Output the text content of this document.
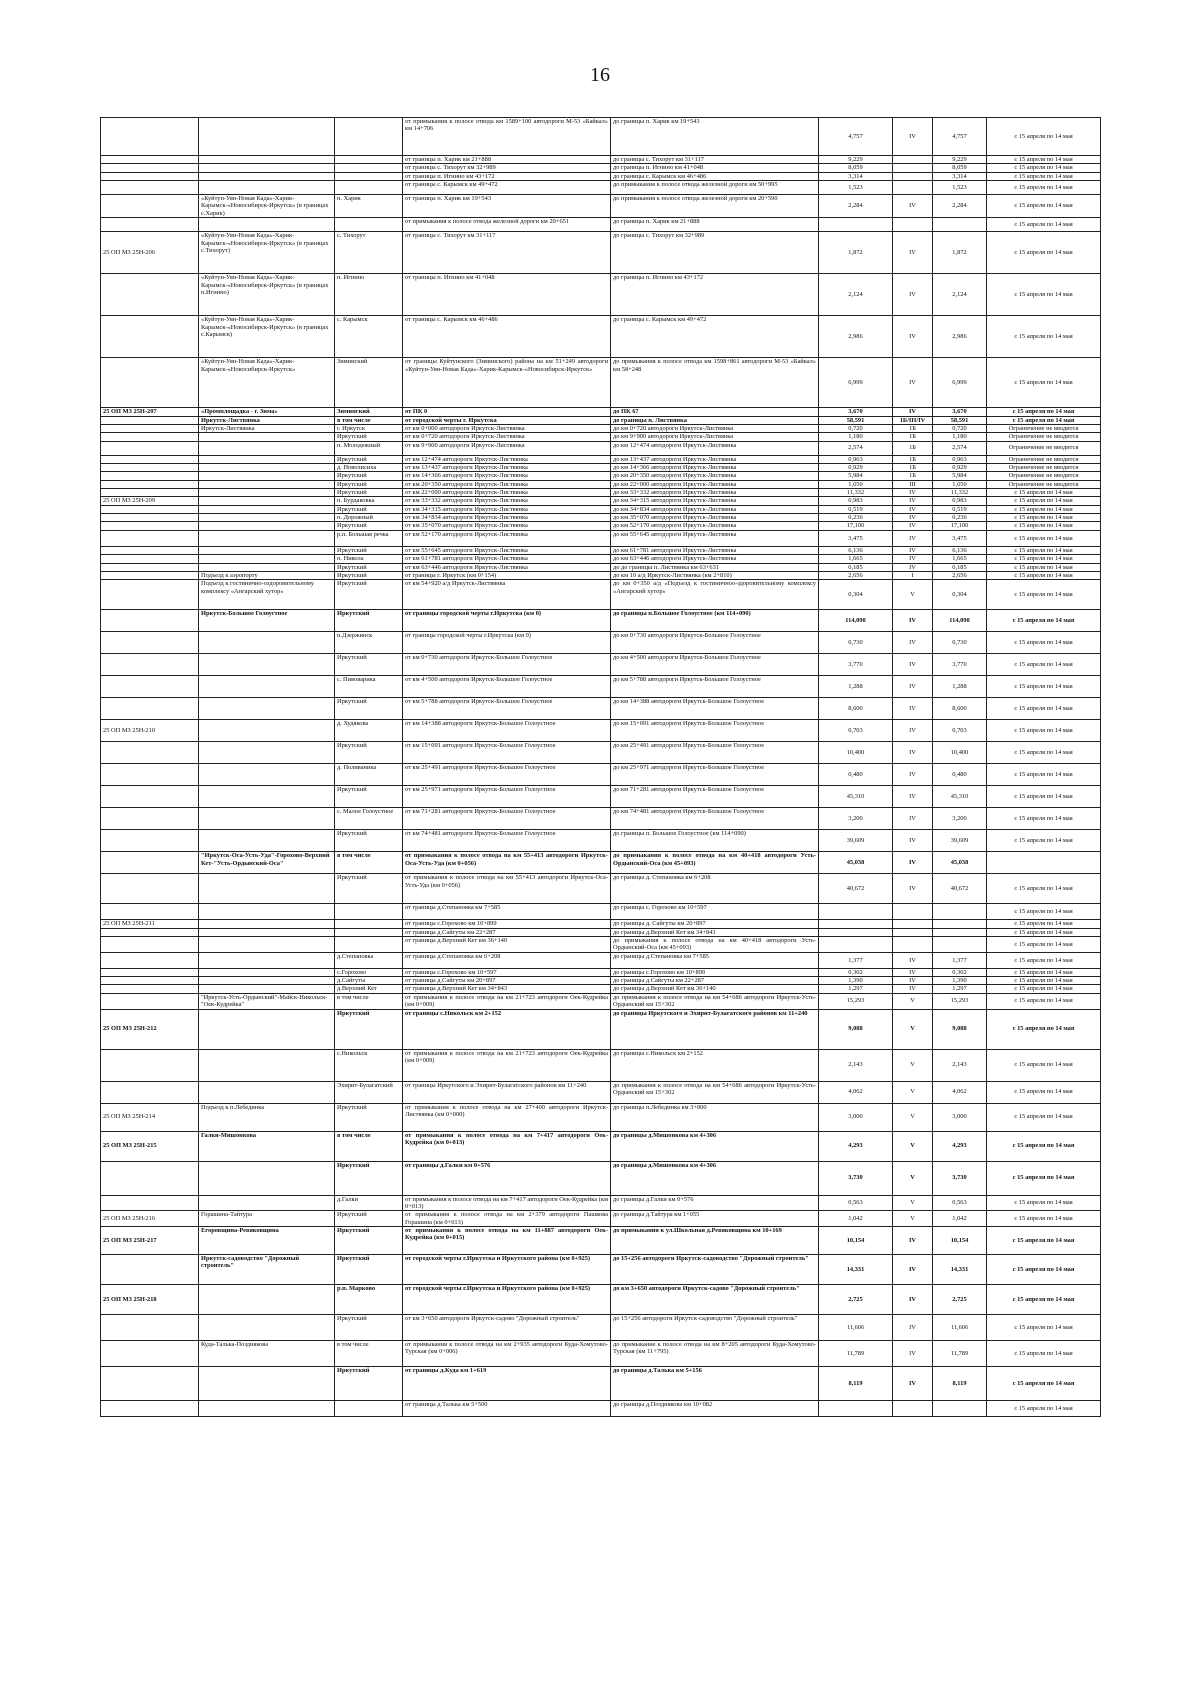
16
			от примыкания к полосе отвода км 1589+100 автодороги М-53 «Байкал» км 14+706	до границы п. Харик км 19+543	4,757	IV	4,757	с 15 апреля по 14 мая
			от границы п. Харик км 21+888	до границы с. Тихорут км 31+117	9,229		9,229	с 15 апреля по 14 мая
			от границы с. Тихорут км 32+989	до границы п. Игнино км 41+048	8,059		8,059	с 15 апреля по 14 мая
			от границы п. Игнино км 43+172	до границы с. Карымск км 46+486	3,314		3,314	с 15 апреля по 14 мая
			от границы с. Карымск км 49+472	до примыкания к полосе отвода железной дороги км 50+995	1,523		1,523	с 15 апреля по 14 мая
	«Куйтун-Уян-Новая Када»-Харик-Карымск-«Новосибирск-Иркутск» (в границах с.Харик)	п. Харик	от границы п. Харик км 19+543	до примыкания к полосе отвода железной дороги км 20+590	2,284	IV	2,284	с 15 апреля по 14 мая
			от примыкания к полосе отвода железной дороги км 20+651	до границы п. Харик км 21+888				с 15 апреля по 14 мая
25 ОП МЗ 25Н-206	«Куйтун-Уян-Новая Када»-Харик-Карымск-«Новосибирск-Иркутск» (в границах с.Тихорут)	с. Тихорут	от границы с. Тихорут км 31+117	до границы с. Тихорут км 32+989	1,872	IV	1,872	с 15 апреля по 14 мая
	«Куйтун-Уян-Новая Када»-Харик-Карымск-«Новосибирск-Иркутск» (в границах п.Игнино)	п. Игнино	от границы п. Игнино км 41+048	до границы п. Игнино км 43+172	2,124	IV	2,124	с 15 апреля по 14 мая
	«Куйтун-Уян-Новая Када»-Харик-Карымск-«Новосибирск-Иркутск» (в границах с.Карымск)	с. Карымск	от границы с. Карымск км 46+486	до границы с. Карымск км 49+472	2,986	IV	2,986	с 15 апреля по 14 мая
	«Куйтун-Уян-Новая Када»-Харик-Карымск-«Новосибирск-Иркутск»	Зиминский	от границы Куйтунского (Зиминского) района на км 51+249 автодороги «Куйтун-Уян-Новая Када»-Харик-Карымск-«Новосибирск-Иркутск»	до примыкания к полосе отвода км 1598+861 автодороги М-53 «Байкал» км 58+248	6,999	IV	6,999	с 15 апреля по 14 мая
25 ОП МЗ 25Н-207	«Промплощадка - г. Зима»	Зиминский	от ПК 0	до ПК 67	3,670	IV	3,670	с 15 апреля по 14 мая
	Иркутск-Листвянка	в том числе	от городской черты г. Иркутска	до границы п. Листвянка	58,591	1Б/III/IV	58,591	с 15 апреля по 14 мая
	Иркутск-Листвянка	г. Иркутск	от км 0+000 автодороги Иркутск-Листвянка	до км 0+720 автодороги Иркутск-Листвянка	0,720	1Б	0,720	Ограничение не вводится
		Иркутский	от км 0+720 автодороги Иркутск-Листвянка	до км 9+900 автодороги Иркутск-Листвянка	1,180	1Б	1,180	Ограничение не вводится
		п. Молодежный	от км 9+900 автодороги Иркутск-Листвянка	до км 12+474 автодороги Иркутск-Листвянка	2,574	1Б	2,574	Ограничение не вводится
		Иркутский	от км 12+474 автодороги Иркутск-Листвянка	до км 13+437 автодороги Иркутск-Листвянка	0,963	1Б	0,963	Ограничение не вводится
		д. Новолисиха	от км 13+437 автодороги Иркутск-Листвянка	до км 14+366 автодороги Иркутск-Листвянка	0,929	1Б	0,929	Ограничение не вводится
		Иркутский	от км 14+366 автодороги Иркутск-Листвянка	до км 20+350 автодороги Иркутск-Листвянка	5,984	1Б	5,984	Ограничение не вводится
		Иркутский	от км 20+350 автодороги Иркутск-Листвянка	до км 22+000 автодороги Иркутск-Листвянка	1,650	III	1,650	Ограничение не вводится
		Иркутский	от км 22+000 автодороги Иркутск-Листвянка	до км 33+332 автодороги Иркутск-Листвянка	11,332	IV	11,332	с 15 апреля по 14 мая
25 ОП МЗ 25Н-209		п. Бурдаковка	от км 33+332 автодороги Иркутск-Листвянка	до км 34+315 автодороги Иркутск-Листвянка	0,983	IV	0,983	с 15 апреля по 14 мая
		Иркутский	от км 34+315 автодороги Иркутск-Листвянка	до км 34+834 автодороги Иркутск-Листвянка	0,519	IV	0,519	с 15 апреля по 14 мая
		п. Дорожный	от км 34+834 автодороги Иркутск-Листвянка	до км 35+070 автодороги Иркутск-Листвянка	0,236	IV	0,236	с 15 апреля по 14 мая
		Иркутский	от км 35+070 автодороги Иркутск-Листвянка	до км 52+170 автодороги Иркутск-Листвянка	17,100	IV	17,100	с 15 апреля по 14 мая
		р.п. Большая речка	от км 52+170 автодороги Иркутск-Листвянка	до км 55+645 автодороги Иркутск-Листвянка	3,475	IV	3,475	с 15 апреля по 14 мая
		Иркутский	от км 55+645 автодороги Иркутск-Листвянка	до км 61+781 автодороги Иркутск-Листвянка	6,136	IV	6,136	с 15 апреля по 14 мая
		п. Никола	от км 61+781 автодороги Иркутск-Листвянка	до км 63+446 автодороги Иркутск-Листвянка	1,665	IV	1,665	с 15 апреля по 14 мая
		Иркутский	от км 63+446 автодороги Иркутск-Листвянка	до до границы п. Листвянка км 63+631	0,185	IV	0,185	с 15 апреля по 14 мая
	Подъезд к аэропорту	Иркутский	от границы г. Иркутск (км 0+154)	до км 10 а/д Иркутск-Листвянка (км 2+810)	2,656	I	2,656	с 15 апреля по 14 мая
	Подъезд к гостинично-оздоровительному комплексу «Ангарский хутор»	Иркутский	от км 54+920 а/д Иркутск-Листвянка	до км 0+350 а/д «Подъезд к гостиничноо-здоровительному комплексу «Ангарский хутор»	0,304	V	0,304	с 15 апреля по 14 мая
	Иркутск-Большое Голоустное	Иркутский	от границы городской черты г.Иркутска (км 0)	до границы п.Большое Голоустное (км 114+090)	114,090	IV	114,090	с 15 апреля по 14 мая
		п.Дзержинск	от границы городской черты г.Иркутска (км 0)	до км 0+730 автодороги Иркутск-Большое Голоустное	0,730	IV	0,730	с 15 апреля по 14 мая
		Иркутский	от км 0+730 автодороги Иркутск-Большое Голоустное	до км 4+500 автодороги Иркутск-Большое Голоустное	3,770	IV	3,770	с 15 апреля по 14 мая
		с. Пивоварика	от км 4+500 автодороги Иркутск-Большое Голоустное	до км 5+788 автодороги Иркутск-Большое Голоустное	1,288	IV	1,288	с 15 апреля по 14 мая
		Иркутский	от км 5+788 автодороги Иркутск-Большое Голоустное	до км 14+388 автодороги Иркутск-Большое Голоустное	8,600	IV	8,600	с 15 апреля по 14 мая
25 ОП МЗ 25Н-210		д. Худякова	от км 14+388 автодороги Иркутск-Большое Голоустное	до км 15+091 автодороги Иркутск-Большое Голоустное	0,703	IV	0,703	с 15 апреля по 14 мая
		Иркутский	от км 15+091 автодороги Иркутск-Большое Голоустное	до км 25+491 автодороги Иркутск-Большое Голоустное	10,400	IV	10,400	с 15 апреля по 14 мая
		д. Поливаника	от км 25+491 автодороги Иркутск-Большое Голоустное	до км 25+971 автодороги Иркутск-Большое Голоустное	0,480	IV	0,480	с 15 апреля по 14 мая
		Иркутский	от км 25+971 автодороги Иркутск-Большое Голоустное	до км 71+281 автодороги Иркутск-Большое Голоустное	45,310	IV	45,310	с 15 апреля по 14 мая
		с. Малое Голоустное	от км 71+281 автодороги Иркутск-Большое Голоустное	до км 74+481 автодороги Иркутск-Большое Голоустное	3,200	IV	3,200	с 15 апреля по 14 мая
		Иркутский	от км 74+481 автодороги Иркутск-Большое Голоустное	до границы п. Большое Голоустное (км 114+090)	39,609	IV	39,609	с 15 апреля по 14 мая
	"Иркутск-Оса-Усть-Уда"-Горохово-Верхний Кет-"Усть-Ордынский-Оса"	в том числе	от примыкания к полосе отвода на км 55+413 автодороги Иркутск-Оса-Усть-Уда (км 0+056)	до примыкания к полосе отвода на км 40+418 автодороги Усть-Ордынский-Оса (км 45+093)	45,038	IV	45,038	
		Иркутский	от примыкания к полосе отвода на км 55+413 автодороги Иркутск-Оса-Усть-Уда (км 0+056)	до границы д. Степановка км 6+208	40,672	IV	40,672	с 15 апреля по 14 мая
			от границы д.Степановка км 7+585	до границы с. Горохово км 10+597				с 15 апреля по 14 мая
25 ОП МЗ 25Н-211			от границы с.Горохово км 10+899	до границы д. Сайгуты км 20+897				с 15 апреля по 14 мая
			от границы д.Сайгуты км 22+287	до границы д.Верхний Кет км 34+843				с 15 апреля по 14 мая
			от границы д.Верхний Кет км 36+140	до примыкания к полосе отвода на км 40+418 автодороги Усть-Ордынский-Оса (км 45+093)				с 15 апреля по 14 мая
		д.Степановка	от границы д.Степановка км 6+208	до границы д.Степановка км 7+585	1,377	IV	1,377	с 15 апреля по 14 мая
		с.Горохово	от границы с.Горохово км 10+597	до границы с.Горохово км 10+899	0,302	IV	0,302	с 15 апреля по 14 мая
		д.Сайгуты	от границы д.Сайгуты км 20+897	до границы д.Сайгуты км 22+287	1,390	IV	1,390	с 15 апреля по 14 мая
		д.Верхний Кет	от границы д.Верхний Кет км 34+843	до границы д.Верхний Кет км 36+140	1,297	IV	1,297	с 15 апреля по 14 мая
	"Иркутск-Усть-Ордынский"-Майск-Никольск-"Оек-Кудрейка"	в том числе	от примыкания к полосе отвода на км 21+723 автодороги Оек-Кудрейка (км 0+009)	до примыкания к полосе отвода на км 54+686 автодороги Иркутск-Усть-Ордынский км 15+302	15,293	V	15,293	с 15 апреля по 14 мая
25 ОП МЗ 25Н-212		Иркутский	от границы с.Никольск км 2+152	до границы Иркутского и Эхирит-Булагатского районов км 11+240	9,088	V	9,088	с 15 апреля по 14 мая
		с.Никольск	от примыкания к полосе отвода на км 21+723 автодороги Оек-Кудрейка (км 0+009)	до границы с.Никольск км 2+152	2,143	V	2,143	с 15 апреля по 14 мая
		Эхирит-Булагатский	от границы Иркутского и Эхирит-Булагатского районов км 11+240	до примыкания к полосе отвода на км 54+686 автодороги Иркутск-Усть-Ордынский км 15+302	4,062	V	4,062	с 15 апреля по 14 мая
25 ОП МЗ 25Н-214	Подъезд к п.Лебединка	Иркутский	от примыкания к полосе отвода на км 27+400 автодороги Иркутск-Листвянка (км 0+000)	до границы п.Лебединка км 3+000	3,000	V	3,000	с 15 апреля по 14 мая
25 ОП МЗ 25Н-215	Галки-Мишонкова	в том числе	от примыкания к полосе отвода на км 7+417 автодороги Оек-Кудрейка (км 0+013)	до границы д.Мишонкова км 4+306	4,293	V	4,293	с 15 апреля по 14 мая
		Иркутский	от границы д.Галки км 0+576	до границы д.Мишонкова км 4+306	3,730	V	3,730	с 15 апреля по 14 мая
		д.Галки	от примыкания к полосе отвода на км 7+417 автодороги Оек-Кудрейка (км 0+013)	до границы д.Галки км 0+576	0,563	V	0,563	с 15 апреля по 14 мая
25 ОП МЗ 25Н-216	Горашина-Тайтура	Иркутский	от примыкания к полосе отвода на км 2+379 автодороги Пашкова Горашина (км 0+013)	до границы д.Тайтура км 1+055	1,042	V	1,042	с 15 апреля по 14 мая
25 ОП МЗ 25Н-217	Егоровщина-Ревяковщина	Иркутский	от примыкания к полосе отвода на км 11+887 автодороги Оек-Кудрейка (км 0+015)	до примыкания к ул.Школьная д.Ревяковщина км 10+169	10,154	IV	10,154	с 15 апреля по 14 мая
	Иркутск-садоводство "Дорожный строитель"	Иркутский	от городской черты г.Иркутска и Иркутского района (км 0+925)	до 15+256 автодороги Иркутск-садоводство "Дорожный строитель"	14,331	IV	14,331	с 15 апреля по 14 мая
25 ОП МЗ 25Н-218		р.п. Марково	от городской черты г.Иркутска и Иркутского района (км 0+925)	до км 3+650 автодороги Иркутск-садово "Дорожный строитель"	2,725	IV	2,725	с 15 апреля по 14 мая
		Иркутский	от км 3+650 автодороги Иркутск-садово "Дорожный строитель"	до 15+256 автодороги Иркутск-садоводство "Дорожный строитель"	11,606	IV	11,606	с 15 апреля по 14 мая
	Куда-Талька-Позднякова	в том числе	от примыкания к полосе отвода на км 2+935 автодороги Куда-Хомутово-Турская (км 0+006)	до примыкание к полосе отвода на км 8+205 автодороги Куда-Хомутово-Турская (км 11+795)	11,789	IV	11,789	с 15 апреля по 14 мая
		Иркутский	от границы д.Куда км 1+619	до границы д.Талька км 5+156	8,119	IV	8,119	с 15 апреля по 14 мая
			от границы д.Талька км 5+500	до границы д.Позднякова км 10+082				с 15 апреля по 14 мая
